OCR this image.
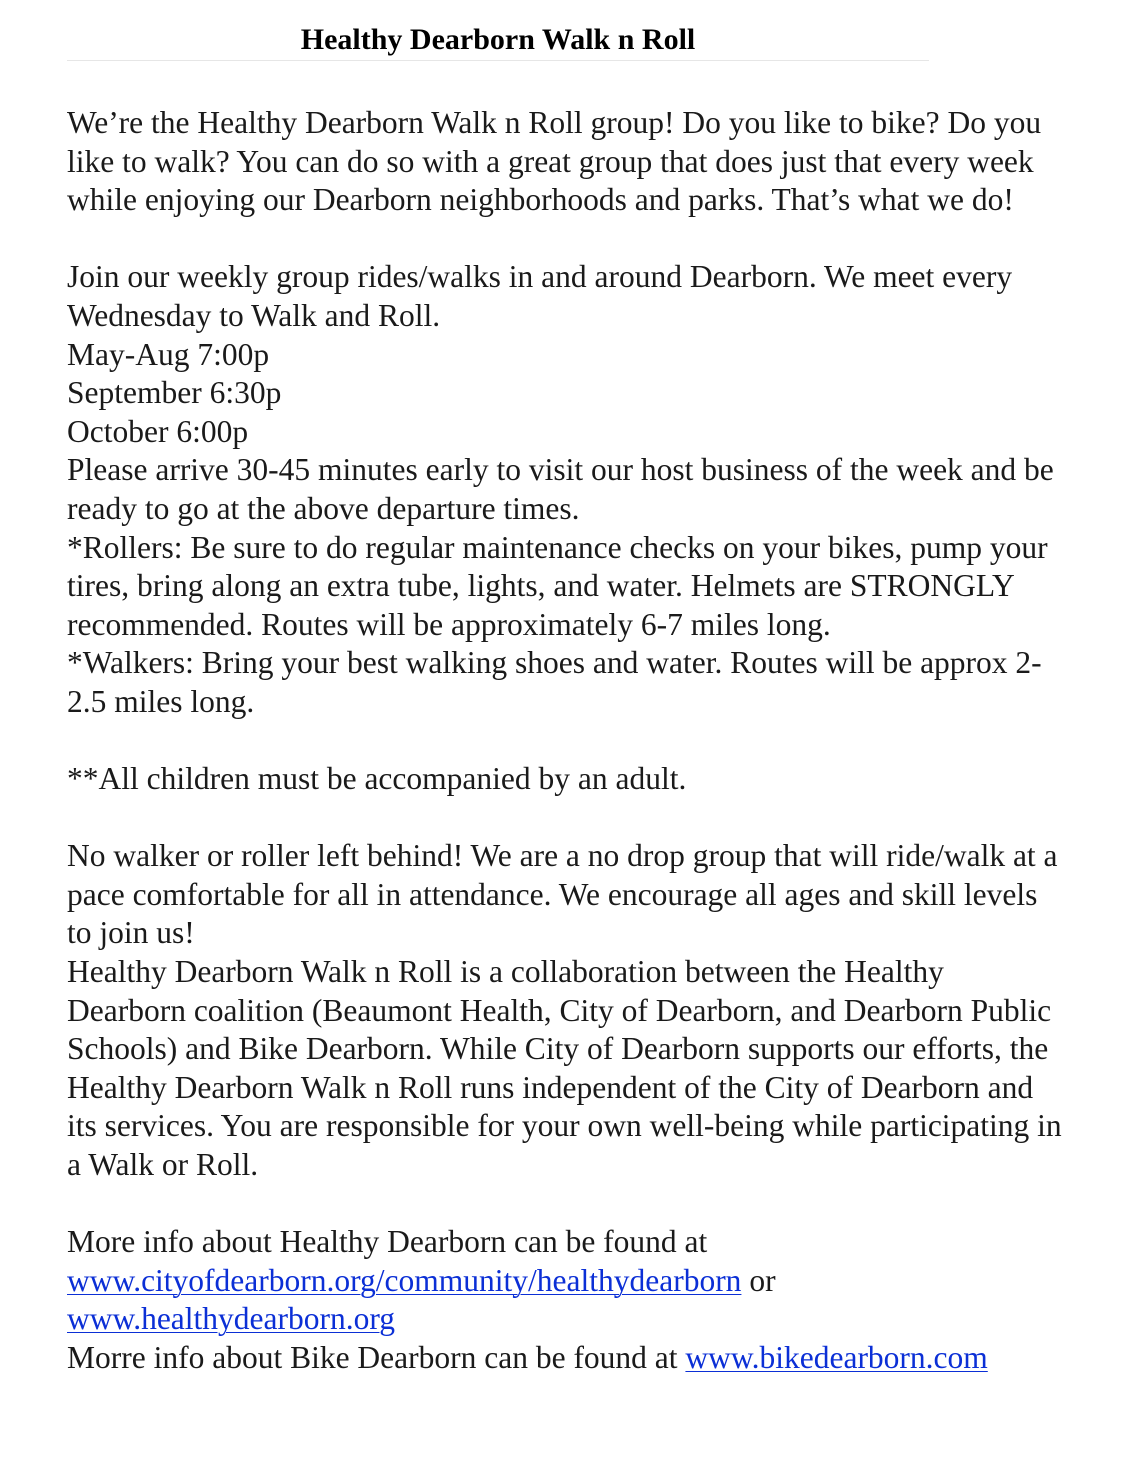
Healthy Dearborn Walk n Roll

We’re the Healthy Dearborn Walk n Roll group! Do you like to bike? Do you like to walk? You can do so with a great group that does just that every week while enjoying our Dearborn neighborhoods and parks. That’s what we do!

Join our weekly group rides/walks in and around Dearborn. We meet every Wednesday to Walk and Roll.

May-Aug 7:00p

September 6:30p

October 6:00p

Please arrive 30-45 minutes early to visit our host business of the week and be ready to go at the above departure times.

*Rollers: Be sure to do regular maintenance checks on your bikes, pump your tires, bring along an extra tube, lights, and water. Helmets are STRONGLY recommended. Routes will be approximately 6-7 miles long.

*Walkers: Bring your best walking shoes and water. Routes will be approx 2-2.5 miles long.

**All children must be accompanied by an adult.

No walker or roller left behind! We are a no drop group that will ride/walk at a pace comfortable for all in attendance. We encourage all ages and skill levels to join us!

Healthy Dearborn Walk n Roll is a collaboration between the Healthy Dearborn coalition (Beaumont Health, City of Dearborn, and Dearborn Public Schools) and Bike Dearborn. While City of Dearborn supports our efforts, the Healthy Dearborn Walk n Roll runs independent of the City of Dearborn and its services. You are responsible for your own well-being while participating in a Walk or Roll.

More info about Healthy Dearborn can be found at www.cityofdearborn.org/community/healthydearborn or www.healthydearborn.org

Morre info about Bike Dearborn can be found at www.bikedearborn.com
